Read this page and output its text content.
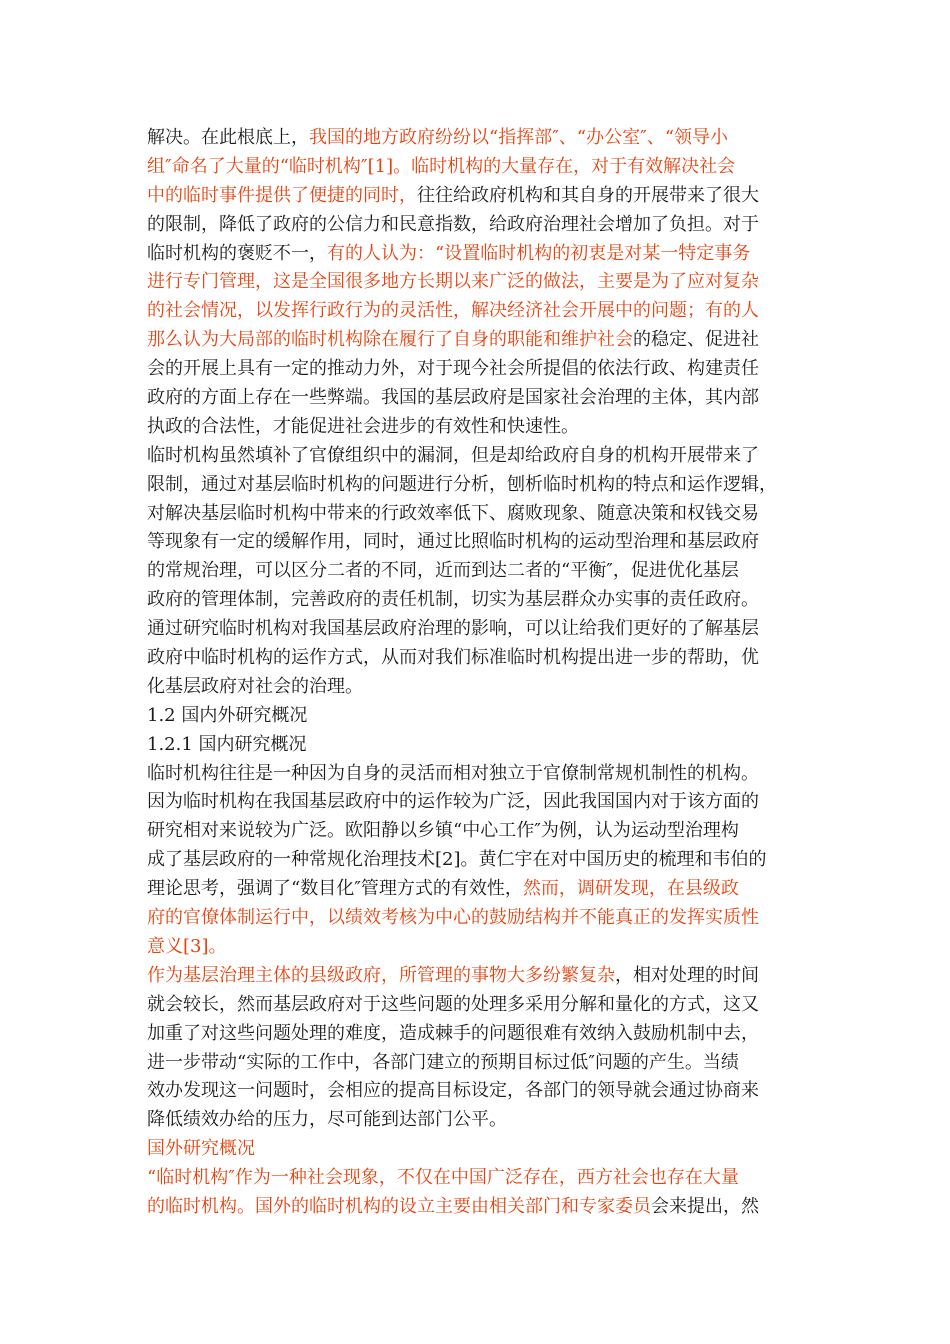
解决。在此根底上，我国的地方政府纷纷以“指挥部″、“办公室″、“领导小
组″命名了大量的“临时机构″[1]。临时机构的大量存在，对于有效解决社会
中的临时事件提供了便捷的同时，往往给政府机构和其自身的开展带来了很大
的限制，降低了政府的公信力和民意指数，给政府治理社会增加了负担。对于
临时机构的褒贬不一，有的人认为：“设置临时机构的初衷是对某一特定事务
进行专门管理，这是全国很多地方长期以来广泛的做法，主要是为了应对复杂
的社会情况，以发挥行政行为的灵活性，解决经济社会开展中的问题；有的人
那么认为大局部的临时机构除在履行了自身的职能和维护社会的稳定、促进社
会的开展上具有一定的推动力外，对于现今社会所提倡的依法行政、构建责任
政府的方面上存在一些弊端。我国的基层政府是国家社会治理的主体，其内部
执政的合法性，才能促进社会进步的有效性和快速性。
临时机构虽然填补了官僚组织中的漏洞，但是却给政府自身的机构开展带来了
限制，通过对基层临时机构的问题进行分析，刨析临时机构的特点和运作逻辑，
对解决基层临时机构中带来的行政效率低下、腐败现象、随意决策和权钱交易
等现象有一定的缓解作用，同时，通过比照临时机构的运动型治理和基层政府
的常规治理，可以区分二者的不同，近而到达二者的“平衡″，促进优化基层
政府的管理体制，完善政府的责任机制，切实为基层群众办实事的责任政府。
通过研究临时机构对我国基层政府治理的影响，可以让给我们更好的了解基层
政府中临时机构的运作方式，从而对我们标准临时机构提出进一步的帮助，优
化基层政府对社会的治理。
1.2 国内外研究概况
1.2.1 国内研究概况
临时机构往往是一种因为自身的灵活而相对独立于官僚制常规机制性的机构。
因为临时机构在我国基层政府中的运作较为广泛，因此我国国内对于该方面的
研究相对来说较为广泛。欧阳静以乡镇“中心工作″为例，认为运动型治理构
成了基层政府的一种常规化治理技术[2]。黄仁宇在对中国历史的梳理和韦伯的
理论思考，强调了“数目化″管理方式的有效性，然而，调研发现，在县级政
府的官僚体制运行中，以绩效考核为中心的鼓励结构并不能真正的发挥实质性
意义[3]。
作为基层治理主体的县级政府，所管理的事物大多纷繁复杂，相对处理的时间
就会较长，然而基层政府对于这些问题的处理多采用分解和量化的方式，这又
加重了对这些问题处理的难度，造成棘手的问题很难有效纳入鼓励机制中去，
进一步带动“实际的工作中，各部门建立的预期目标过低″问题的产生。当绩
效办发现这一问题时，会相应的提高目标设定，各部门的领导就会通过协商来
降低绩效办给的压力，尽可能到达部门公平。
国外研究概况
“临时机构″作为一种社会现象，不仅在中国广泛存在，西方社会也存在大量
的临时机构。国外的临时机构的设立主要由相关部门和专家委员会来提出，然
